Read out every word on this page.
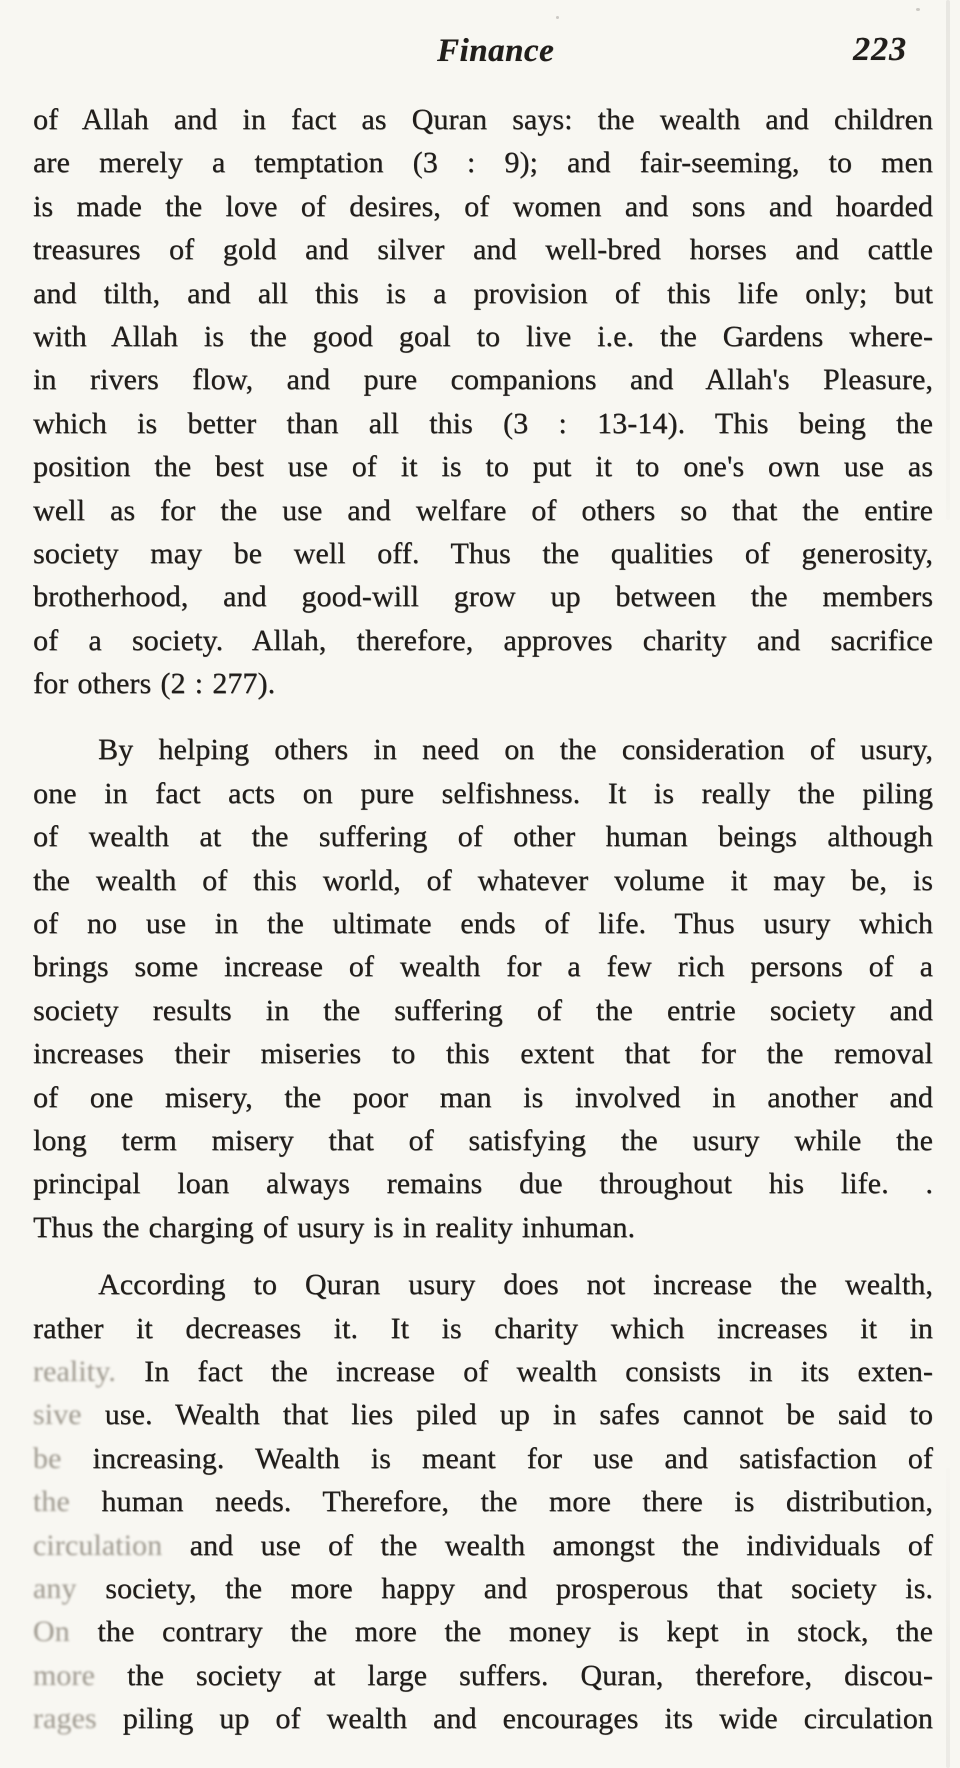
Finance	223
of Allah and in fact as Quran says: the wealth and children
are merely a temptation (3 : 9); and fair-seeming, to men
is made the love of desires, of women and sons and hoarded
treasures of gold and silver and well-bred horses and cattle
and tilth, and all this is a provision of this life only; but
with Allah is the good goal to live i.e. the Gardens where-
in rivers flow, and pure companions and Allah's Pleasure,
which is better than all this (3 : 13-14). This being the
position the best use of it is to put it to one's own use as
well as for the use and welfare of others so that the entire
society may be well off. Thus the qualities of generosity,
brotherhood, and good-will grow up between the members
of a society. Allah, therefore, approves charity and sacrifice
for others (2 : 277).
By helping others in need on the consideration of usury,
one in fact acts on pure selfishness. It is really the piling
of wealth at the suffering of other human beings although
the wealth of this world, of whatever volume it may be, is
of no use in the ultimate ends of life. Thus usury which
brings some increase of wealth for a few rich persons of a
society results in the suffering of the entrie society and
increases their miseries to this extent that for the removal
of one misery, the poor man is involved in another and
long term misery that of satisfying the usury while the
principal loan always remains due throughout his life. .
Thus the charging of usury is in reality inhuman.
According to Quran usury does not increase the wealth,
rather it decreases it. It is charity which increases it in
reality. In fact the increase of wealth consists in its exten-
sive use. Wealth that lies piled up in safes cannot be said to
be increasing. Wealth is meant for use and satisfaction of
the human needs. Therefore, the more there is distribution,
circulation and use of the wealth amongst the individuals of
any society, the more happy and prosperous that society is.
On the contrary the more the money is kept in stock, the
more the society at large suffers. Quran, therefore, discou-
rages piling up of wealth and encourages its wide circulation
